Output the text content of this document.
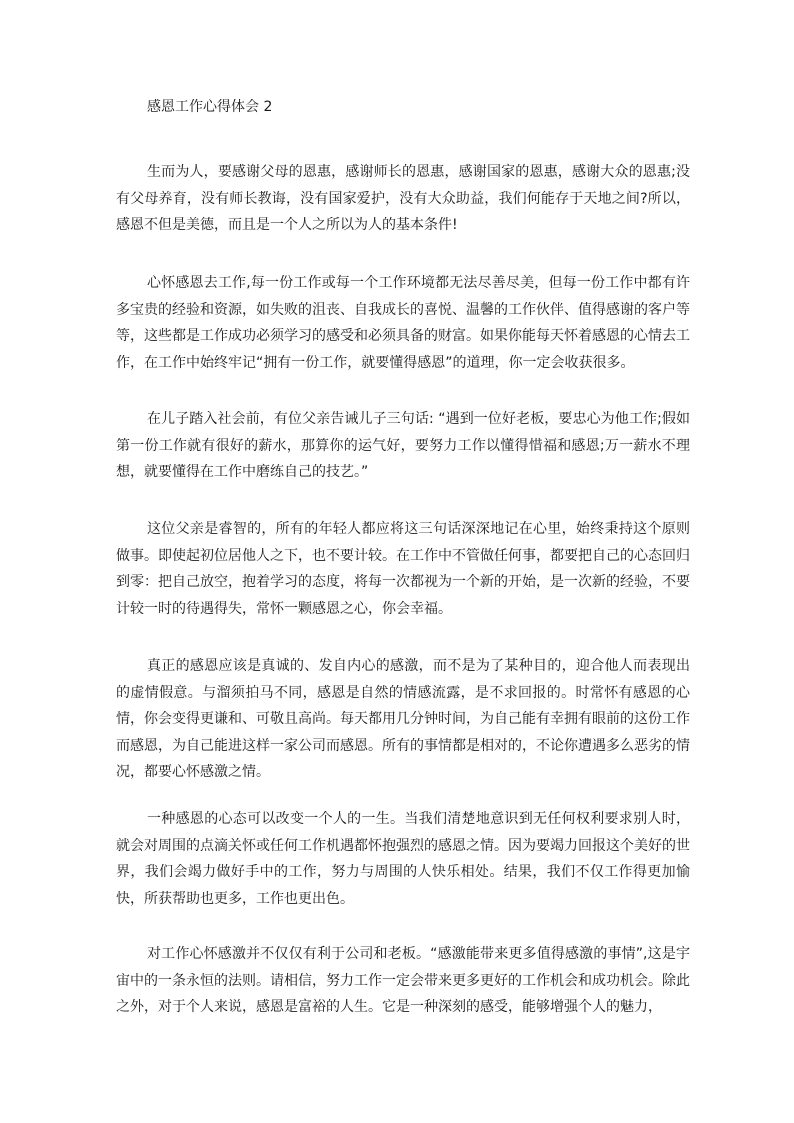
感恩工作心得体会 2

生而为人，要感谢父母的恩惠，感谢师长的恩惠，感谢国家的恩惠，感谢大众的恩惠;没有父母养育，没有师长教诲，没有国家爱护，没有大众助益，我们何能存于天地之间?所以，感恩不但是美德，而且是一个人之所以为人的基本条件!

心怀感恩去工作,每一份工作或每一个工作环境都无法尽善尽美，但每一份工作中都有许多宝贵的经验和资源，如失败的沮丧、自我成长的喜悦、温馨的工作伙伴、值得感谢的客户等等，这些都是工作成功必须学习的感受和必须具备的财富。如果你能每天怀着感恩的心情去工作，在工作中始终牢记“拥有一份工作，就要懂得感恩”的道理，你一定会收获很多。

在儿子踏入社会前，有位父亲告诫儿子三句话: “遇到一位好老板，要忠心为他工作;假如第一份工作就有很好的薪水，那算你的运气好，要努力工作以懂得惜福和感恩;万一薪水不理想，就要懂得在工作中磨练自己的技艺。”

这位父亲是睿智的，所有的年轻人都应将这三句话深深地记在心里，始终秉持这个原则做事。即使起初位居他人之下，也不要计较。在工作中不管做任何事，都要把自己的心态回归到零：把自己放空，抱着学习的态度，将每一次都视为一个新的开始，是一次新的经验，不要计较一时的待遇得失，常怀一颗感恩之心，你会幸福。

真正的感恩应该是真诚的、发自内心的感激，而不是为了某种目的，迎合他人而表现出的虚情假意。与溜须拍马不同，感恩是自然的情感流露，是不求回报的。时常怀有感恩的心情，你会变得更谦和、可敬且高尚。每天都用几分钟时间，为自己能有幸拥有眼前的这份工作而感恩，为自己能进这样一家公司而感恩。所有的事情都是相对的，不论你遭遇多么恶劣的情况，都要心怀感激之情。

一种感恩的心态可以改变一个人的一生。当我们清楚地意识到无任何权利要求别人时，就会对周围的点滴关怀或任何工作机遇都怀抱强烈的感恩之情。因为要竭力回报这个美好的世界，我们会竭力做好手中的工作，努力与周围的人快乐相处。结果，我们不仅工作得更加愉快，所获帮助也更多，工作也更出色。

对工作心怀感激并不仅仅有利于公司和老板。“感激能带来更多值得感激的事情”,这是宇宙中的一条永恒的法则。请相信，努力工作一定会带来更多更好的工作机会和成功机会。除此之外，对于个人来说，感恩是富裕的人生。它是一种深刻的感受，能够增强个人的魅力，
